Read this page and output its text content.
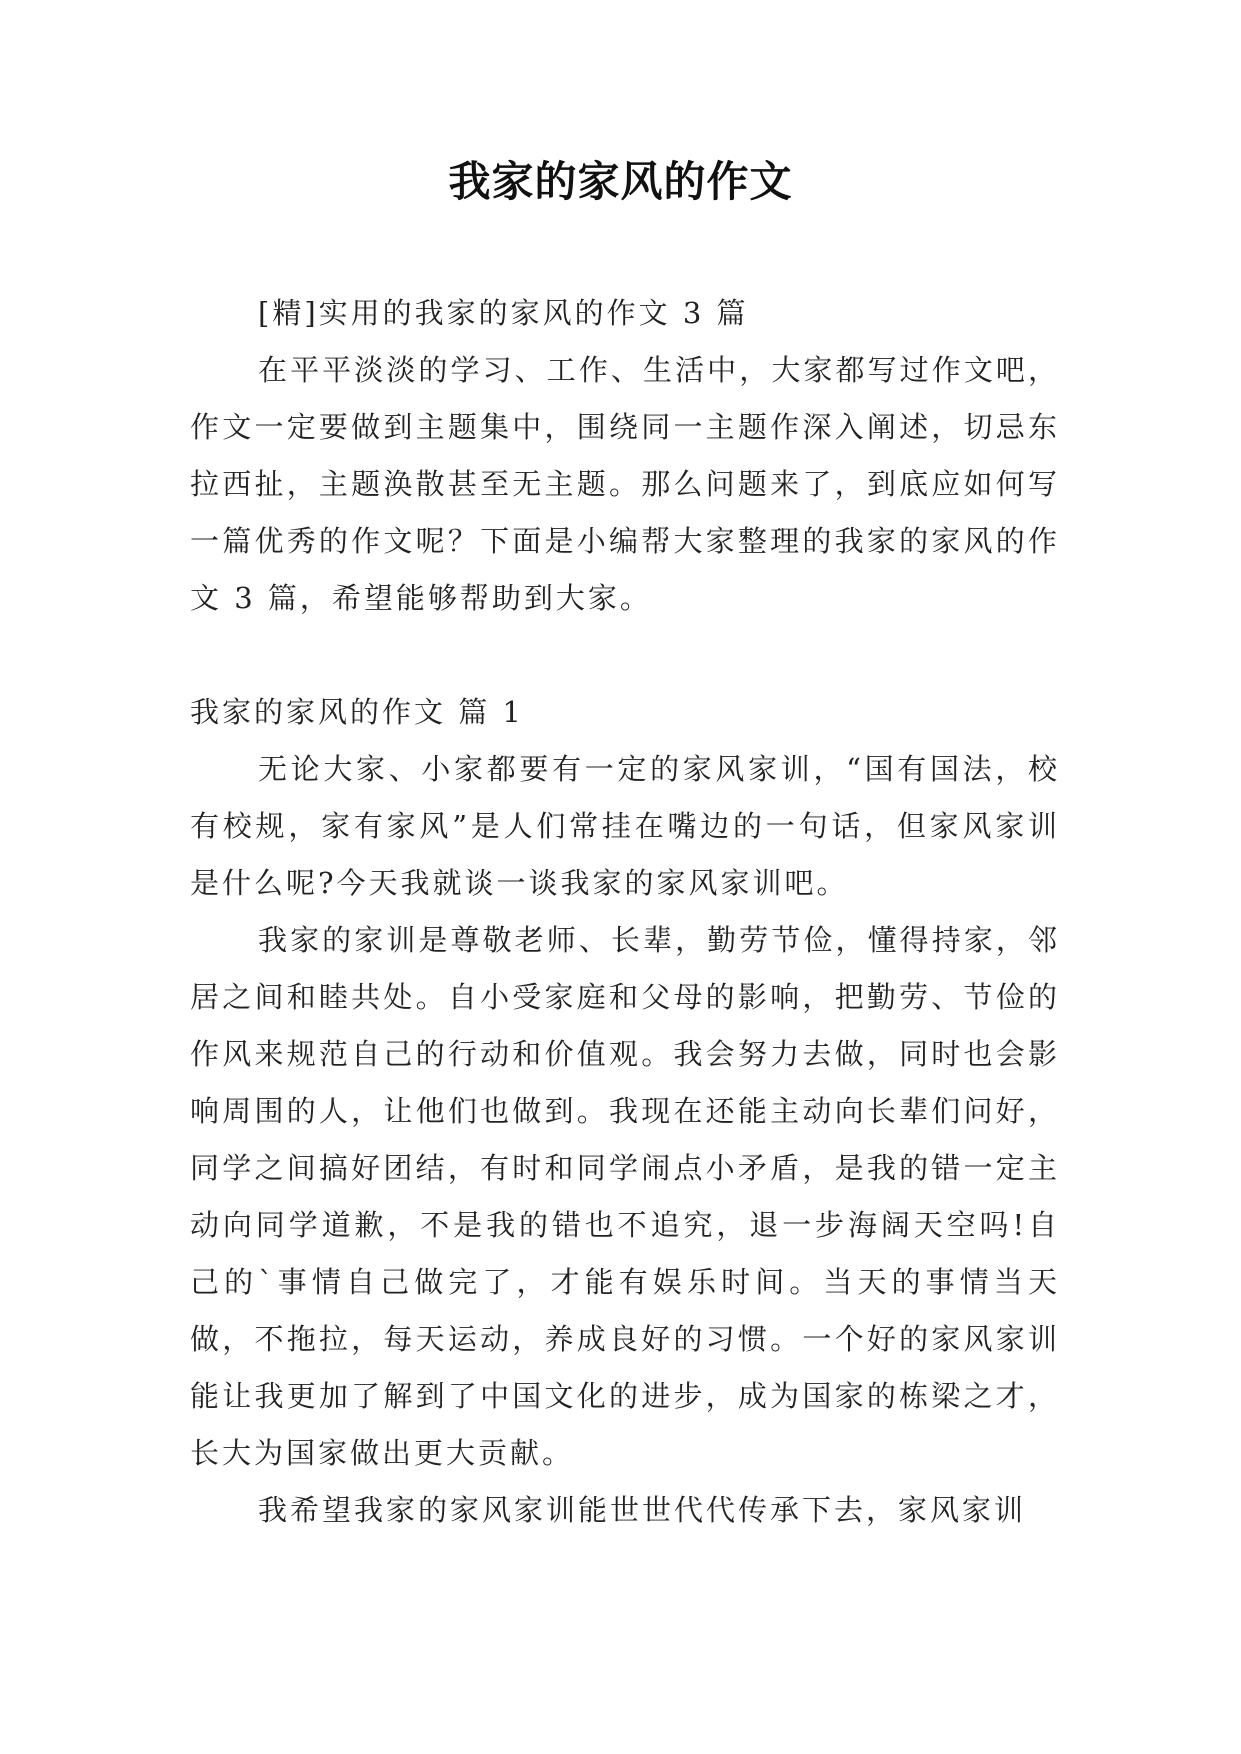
我家的家风的作文

[精]实用的我家的家风的作文 3 篇

在平平淡淡的学习、工作、生活中，大家都写过作文吧，作文一定要做到主题集中，围绕同一主题作深入阐述，切忌东拉西扯，主题涣散甚至无主题。那么问题来了，到底应如何写一篇优秀的作文呢？下面是小编帮大家整理的我家的家风的作文 3 篇，希望能够帮助到大家。

我家的家风的作文 篇 1

无论大家、小家都要有一定的家风家训，“国有国法，校有校规，家有家风”是人们常挂在嘴边的一句话，但家风家训是什么呢?今天我就谈一谈我家的家风家训吧。

我家的家训是尊敬老师、长辈，勤劳节俭，懂得持家，邻居之间和睦共处。自小受家庭和父母的影响，把勤劳、节俭的作风来规范自己的行动和价值观。我会努力去做，同时也会影响周围的人，让他们也做到。我现在还能主动向长辈们问好，同学之间搞好团结，有时和同学闹点小矛盾，是我的错一定主动向同学道歉，不是我的错也不追究，退一步海阔天空吗!自己的`事情自己做完了，才能有娱乐时间。当天的事情当天做，不拖拉，每天运动，养成良好的习惯。一个好的家风家训能让我更加了解到了中国文化的进步，成为国家的栋梁之才，长大为国家做出更大贡献。

我希望我家的家风家训能世世代代传承下去，家风家训
